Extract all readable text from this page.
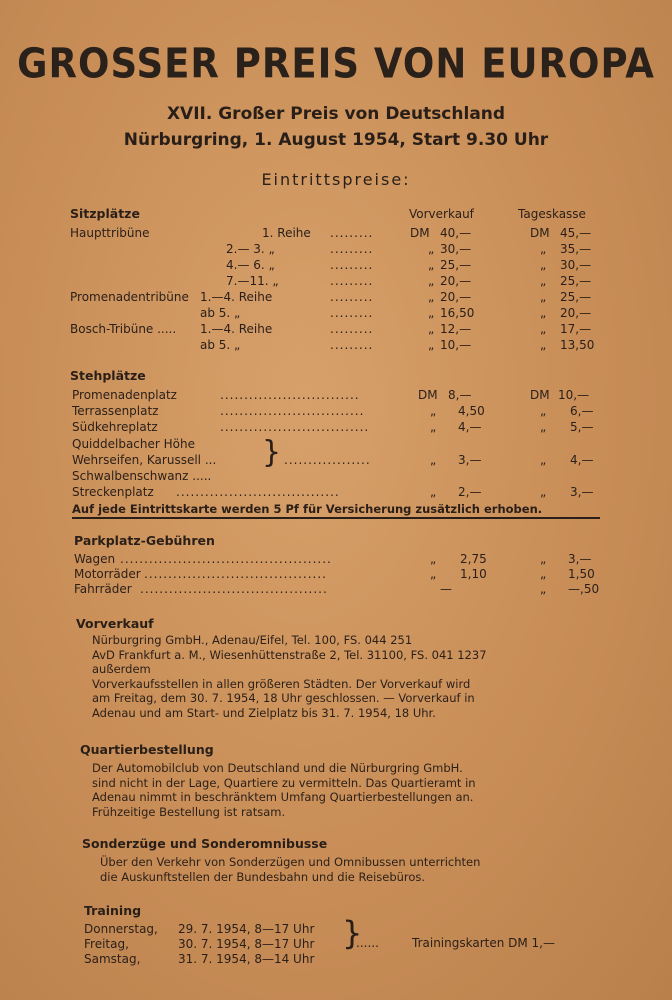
GROSSER PREIS VON EUROPA
XVII. Großer Preis von Deutschland
Nürburgring, 1. August 1954, Start 9.30 Uhr
Eintrittspreise:
Sitzplätze	Vorverkauf	Tageskasse
Haupttribüne	1. Reihe .........	DM 40,—	DM 45,—
2.— 3. „	.........	„ 30,—	„ 35,—
4.— 6. „	.........	„ 25,—	„ 30,—
7.—11. „	.........	„ 20,—	„ 25,—
Promenadentribüne 1.—4. Reihe	.........	„ 20,—	„ 25,—
ab 5. „	.........	„ 16,50	„ 20,—
Bosch-Tribüne ..... 1.—4. Reihe	.........	„ 12,—	„ 17,—
ab 5. „	.........	„ 10,—	„ 13,50
Stehplätze
Promenadenplatz	.............................	DM 8,—	DM 10,—
Terrassenplatz	..............................	„ 4,50	„ 6,—
Südkehreplatz	...............................	„ 4,—	„ 5,—
Quiddelbacher Höhe
Wehrseifen, Karussell ...	..................	„ 3,—	„ 4,—
Schwalbenschwanz .....
Streckenplatz ..................................	„ 2,—	„ 3,—
}
Auf jede Eintrittskarte werden 5 Pf für Versicherung zusätzlich erhoben.
Parkplatz-Gebühren
Wagen ............................................	„ 2,75	„ 3,—
Motorräder ......................................	„ 1,10	„ 1,50
Fahrräder .......................................	—	„ —,50
Vorverkauf
Nürburgring GmbH., Adenau/Eifel, Tel. 100, FS. 044 251
AvD Frankfurt a. M., Wiesenhüttenstraße 2, Tel. 31100, FS. 041 1237
außerdem
Vorverkaufsstellen in allen größeren Städten. Der Vorverkauf wird
am Freitag, dem 30. 7. 1954, 18 Uhr geschlossen. — Vorverkauf in
Adenau und am Start- und Zielplatz bis 31. 7. 1954, 18 Uhr.
Quartierbestellung
Der Automobilclub von Deutschland und die Nürburgring GmbH.
sind nicht in der Lage, Quartiere zu vermitteln. Das Quartieramt in
Adenau nimmt in beschränktem Umfang Quartierbestellungen an.
Frühzeitige Bestellung ist ratsam.
Sonderzüge und Sonderomnibusse
Über den Verkehr von Sonderzügen und Omnibussen unterrichten
die Auskunftstellen der Bundesbahn und die Reisebüros.
Training
Donnerstag, 29. 7. 1954, 8—17 Uhr
Freitag,	30. 7. 1954, 8—17 Uhr
Samstag,	31. 7. 1954, 8—14 Uhr
}
......	Trainingskarten DM 1,—
